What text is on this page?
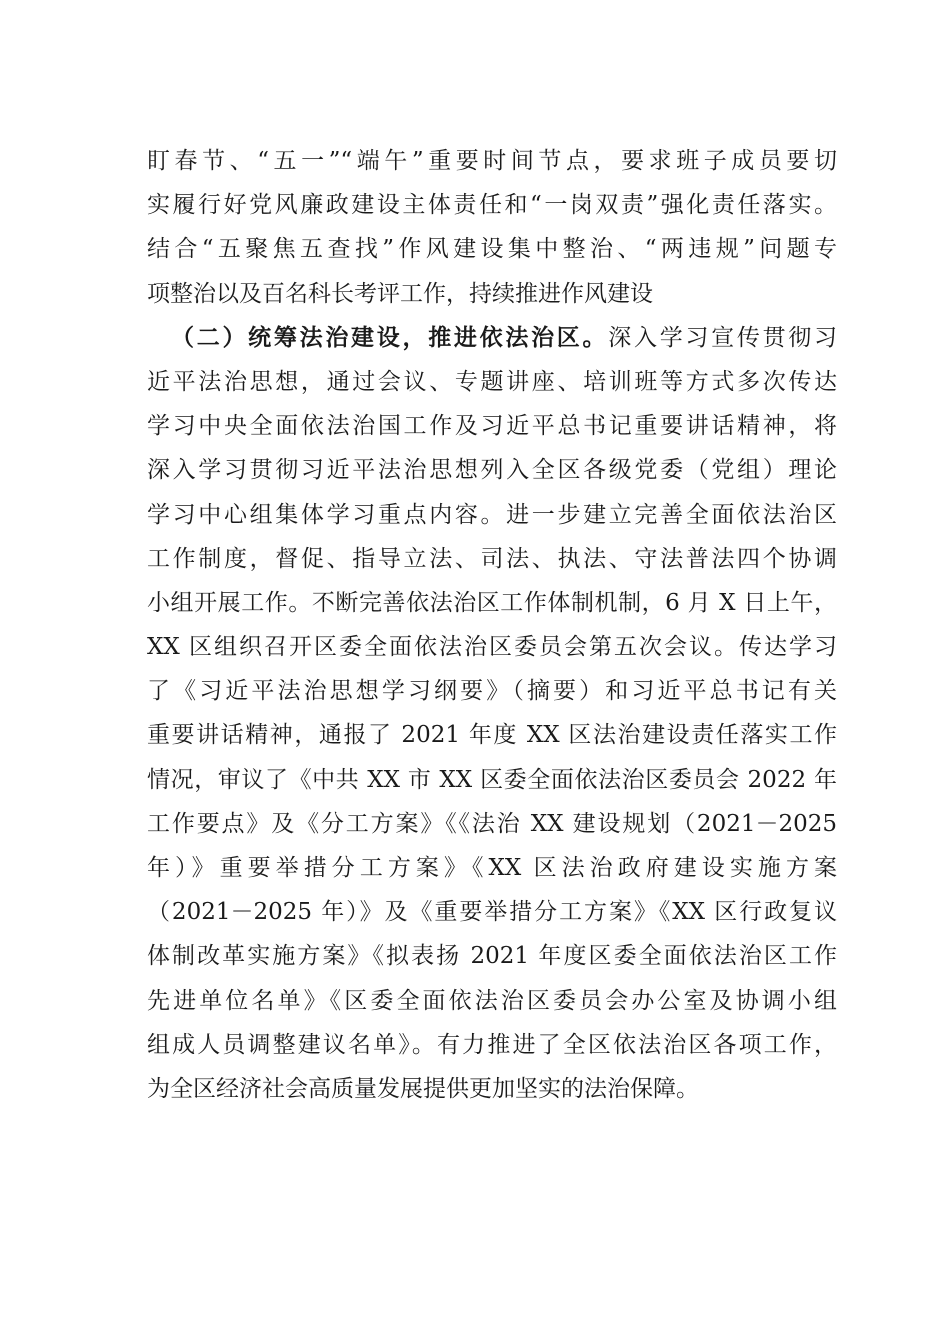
盯春节、“五一”“端午”重要时间节点，要求班子成员要切
实履行好党风廉政建设主体责任和“一岗双责”强化责任落实。
结合“五聚焦五查找”作风建设集中整治、“两违规”问题专
项整治以及百名科长考评工作，持续推进作风建设
（二）统筹法治建设，推进依法治区。深入学习宣传贯彻习
近平法治思想，通过会议、专题讲座、培训班等方式多次传达
学习中央全面依法治国工作及习近平总书记重要讲话精神，将
深入学习贯彻习近平法治思想列入全区各级党委（党组）理论
学习中心组集体学习重点内容。进一步建立完善全面依法治区
工作制度，督促、指导立法、司法、执法、守法普法四个协调
小组开展工作。不断完善依法治区工作体制机制，6 月 X 日上午，
XX 区组织召开区委全面依法治区委员会第五次会议。传达学习
了《习近平法治思想学习纲要》（摘要）和习近平总书记有关
重要讲话精神，通报了 2021 年度 XX 区法治建设责任落实工作
情况，审议了《中共 XX 市 XX 区委全面依法治区委员会 2022 年
工作要点》及《分工方案》《《法治 XX 建设规划（2021－2025
年）》重要举措分工方案》《XX 区法治政府建设实施方案
（2021－2025 年）》及《重要举措分工方案》《XX 区行政复议
体制改革实施方案》《拟表扬 2021 年度区委全面依法治区工作
先进单位名单》《区委全面依法治区委员会办公室及协调小组
组成人员调整建议名单》。有力推进了全区依法治区各项工作，
为全区经济社会高质量发展提供更加坚实的法治保障。
